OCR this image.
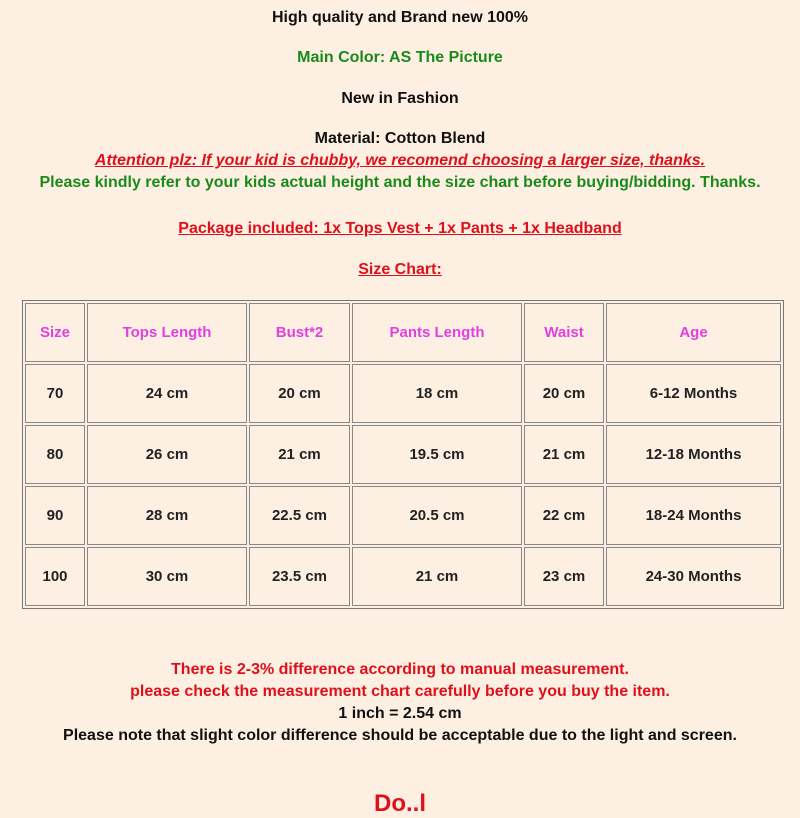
High quality and Brand new 100%
Main Color: AS The Picture
New in Fashion
Material: Cotton Blend
Attention plz: If your kid is chubby, we recomend choosing a larger size, thanks.
Please kindly refer to your kids actual height and the size chart before buying/bidding. Thanks.
Package included: 1x Tops Vest + 1x Pants + 1x Headband
Size Chart:
Size	Tops Length	Bust*2	Pants Length	Waist	Age
70	24 cm	20 cm	18 cm	20 cm	6-12 Months
80	26 cm	21 cm	19.5 cm	21 cm	12-18 Months
90	28 cm	22.5 cm	20.5 cm	22 cm	18-24 Months
100	30 cm	23.5 cm	21 cm	23 cm	24-30 Months
There is 2-3% difference according to manual measurement.
please check the measurement chart carefully before you buy the item.
1 inch = 2.54 cm
Please note that slight color difference should be acceptable due to the light and screen.
Do..l
